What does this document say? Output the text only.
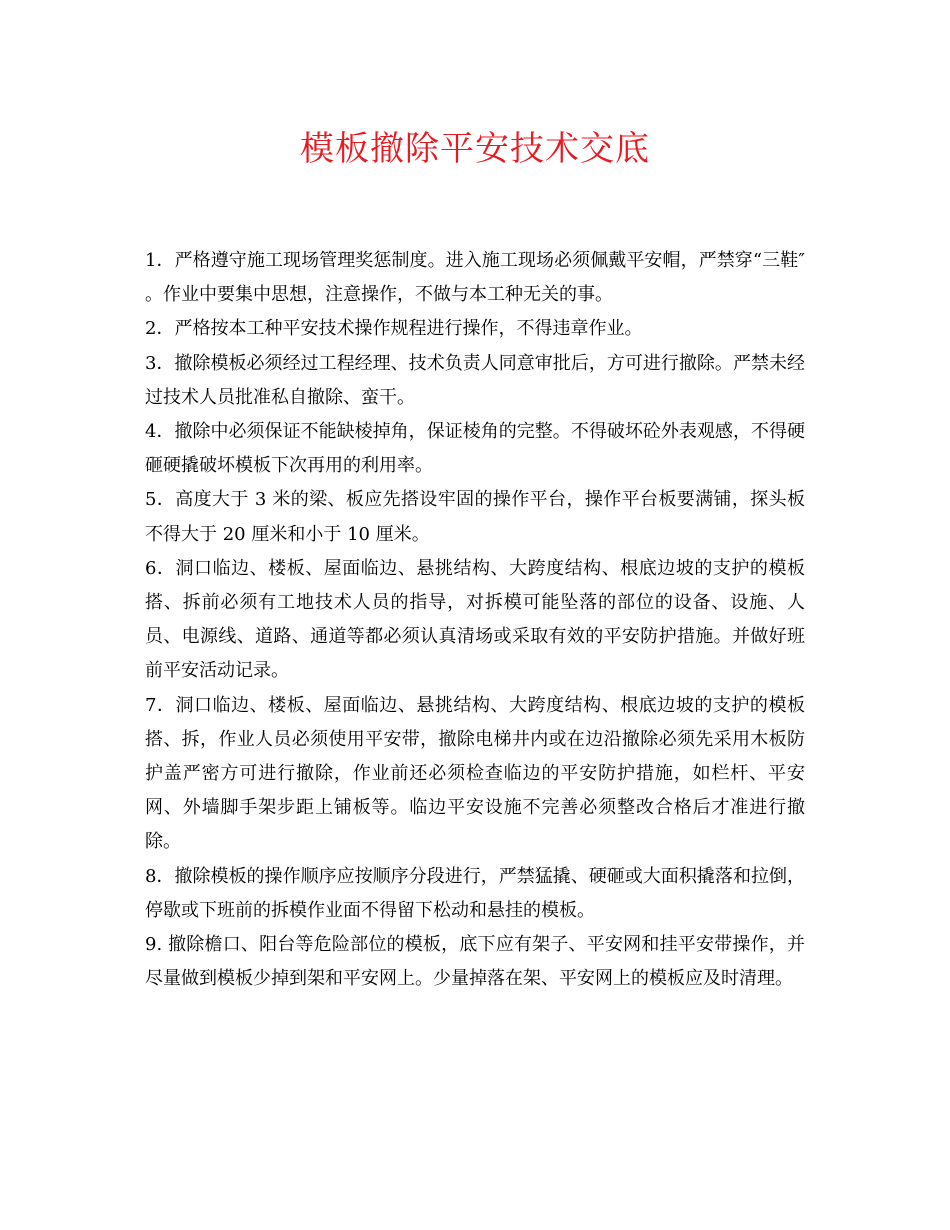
模板撤除平安技术交底

1．严格遵守施工现场管理奖惩制度。进入施工现场必须佩戴平安帽，严禁穿“三鞋″ 。作业中要集中思想，注意操作，不做与本工种无关的事。

2．严格按本工种平安技术操作规程进行操作，不得违章作业。

3．撤除模板必须经过工程经理、技术负责人同意审批后，方可进行撤除。严禁未经过技术人员批准私自撤除、蛮干。

4．撤除中必须保证不能缺棱掉角，保证棱角的完整。不得破坏砼外表观感，不得硬砸硬撬破坏模板下次再用的利用率。

5．高度大于 3 米的梁、板应先搭设牢固的操作平台，操作平台板要满铺，探头板不得大于 20 厘米和小于 10 厘米。

6．洞口临边、楼板、屋面临边、悬挑结构、大跨度结构、根底边坡的支护的模板搭、拆前必须有工地技术人员的指导，对拆模可能坠落的部位的设备、设施、人员、电源线、道路、通道等都必须认真清场或采取有效的平安防护措施。并做好班前平安活动记录。

7．洞口临边、楼板、屋面临边、悬挑结构、大跨度结构、根底边坡的支护的模板搭、拆，作业人员必须使用平安带，撤除电梯井内或在边沿撤除必须先采用木板防护盖严密方可进行撤除，作业前还必须检查临边的平安防护措施，如栏杆、平安网、外墙脚手架步距上铺板等。临边平安设施不完善必须整改合格后才准进行撤除。

8．撤除模板的操作顺序应按顺序分段进行，严禁猛撬、硬砸或大面积撬落和拉倒，停歇或下班前的拆模作业面不得留下松动和悬挂的模板。

9. 撤除檐口、阳台等危险部位的模板，底下应有架子、平安网和挂平安带操作，并尽量做到模板少掉到架和平安网上。少量掉落在架、平安网上的模板应及时清理。
